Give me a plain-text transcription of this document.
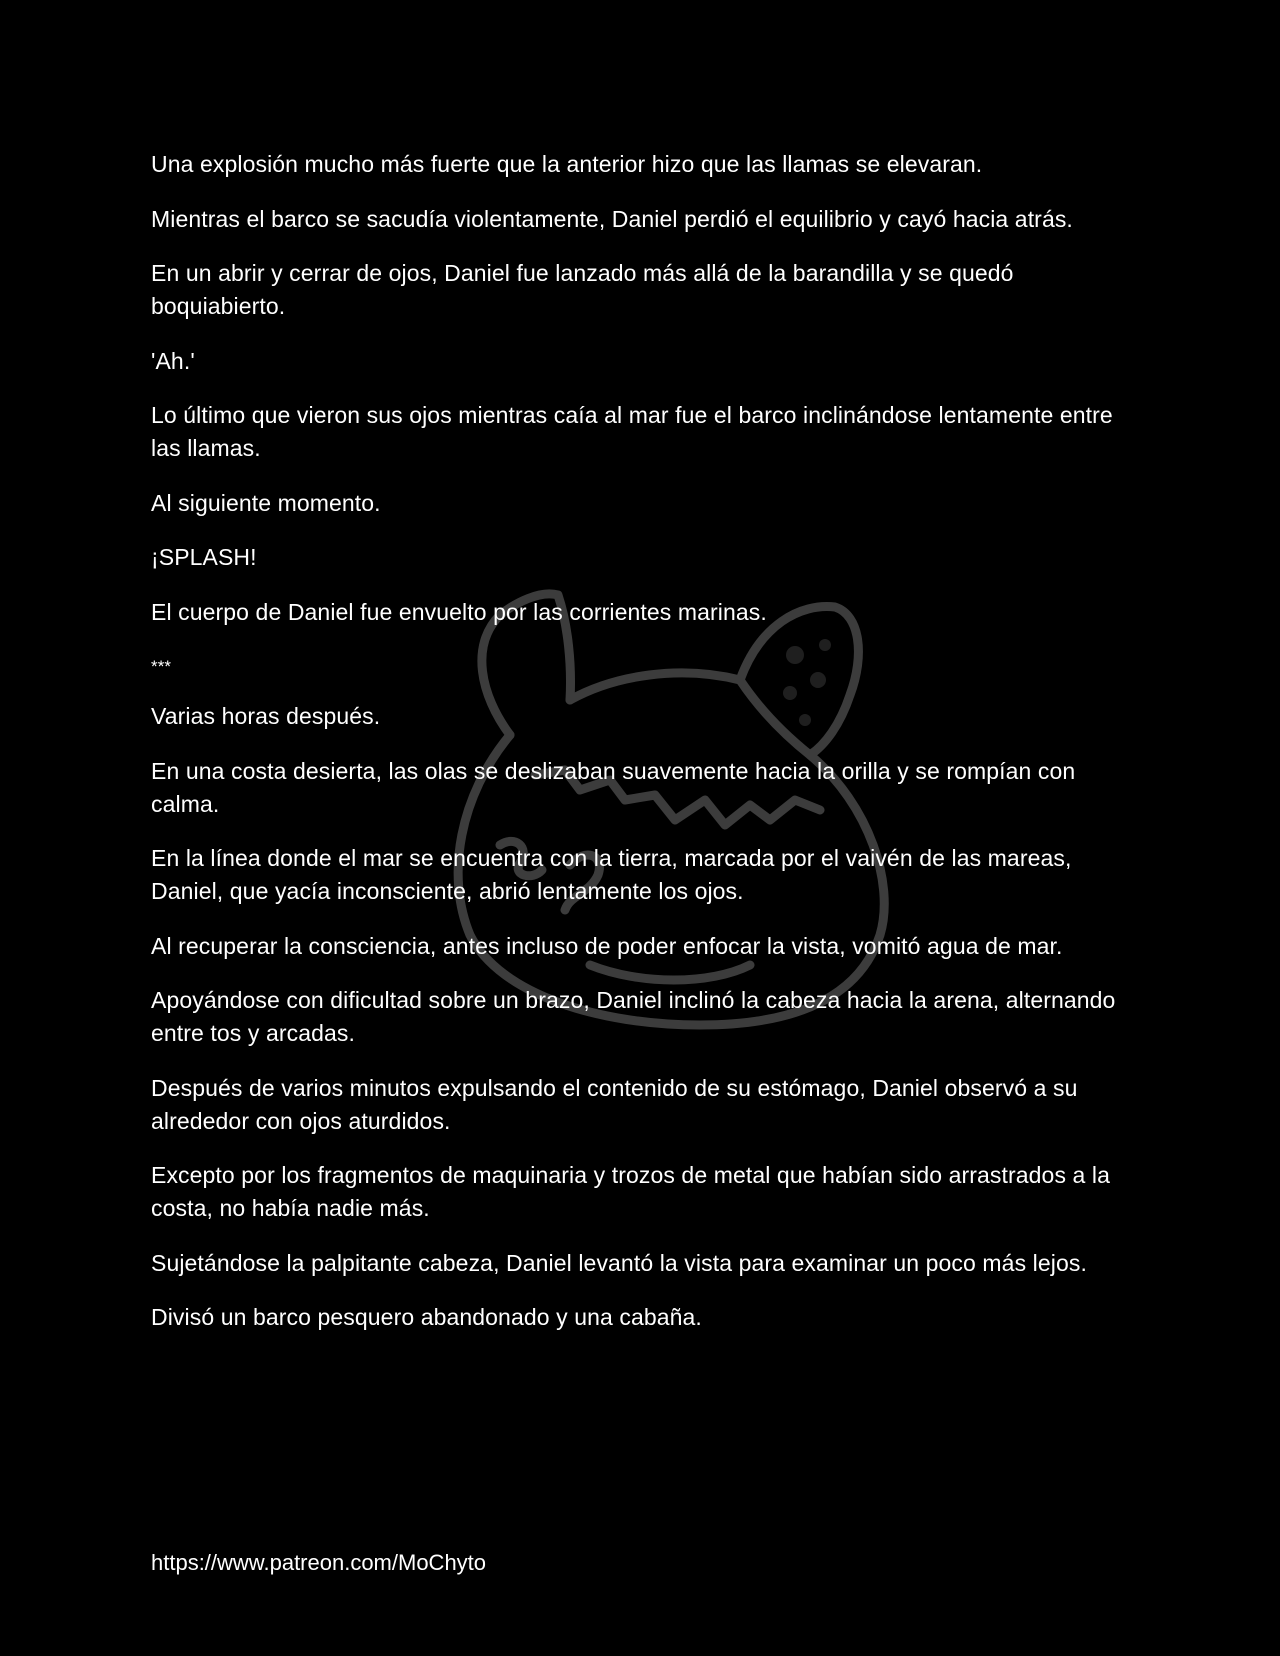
Una explosión mucho más fuerte que la anterior hizo que las llamas se elevaran.

Mientras el barco se sacudía violentamente, Daniel perdió el equilibrio y cayó hacia atrás.

En un abrir y cerrar de ojos, Daniel fue lanzado más allá de la barandilla y se quedó boquiabierto.

'Ah.'

Lo último que vieron sus ojos mientras caía al mar fue el barco inclinándose lentamente entre las llamas.

Al siguiente momento.

¡SPLASH!

El cuerpo de Daniel fue envuelto por las corrientes marinas.

***

Varias horas después.

En una costa desierta, las olas se deslizaban suavemente hacia la orilla y se rompían con calma.

En la línea donde el mar se encuentra con la tierra, marcada por el vaivén de las mareas, Daniel, que yacía inconsciente, abrió lentamente los ojos.

Al recuperar la consciencia, antes incluso de poder enfocar la vista, vomitó agua de mar.

Apoyándose con dificultad sobre un brazo, Daniel inclinó la cabeza hacia la arena, alternando entre tos y arcadas.

Después de varios minutos expulsando el contenido de su estómago, Daniel observó a su alrededor con ojos aturdidos.

Excepto por los fragmentos de maquinaria y trozos de metal que habían sido arrastrados a la costa, no había nadie más.

Sujetándose la palpitante cabeza, Daniel levantó la vista para examinar un poco más lejos.

Divisó un barco pesquero abandonado y una cabaña.

https://www.patreon.com/MoChyto
